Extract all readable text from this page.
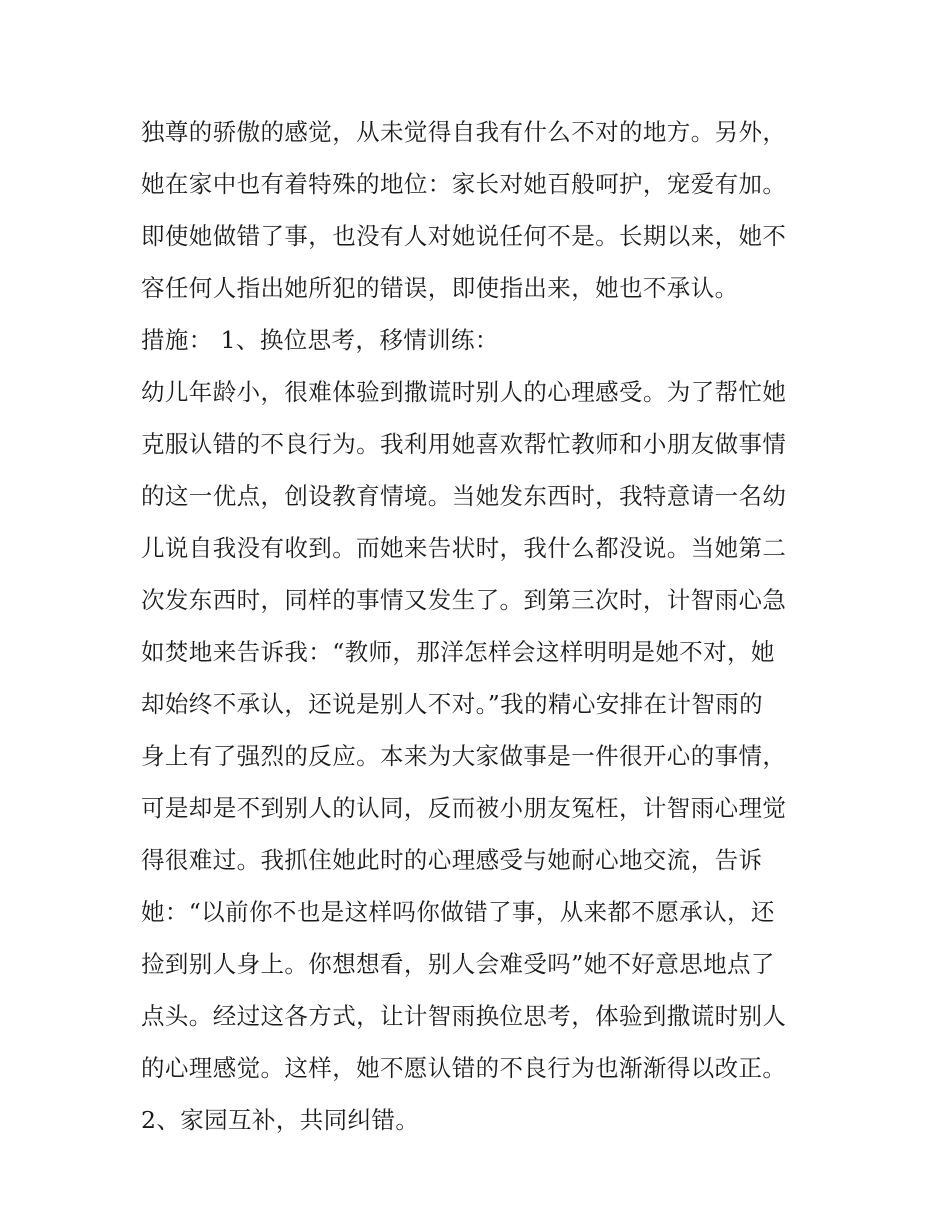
独尊的骄傲的感觉，从未觉得自我有什么不对的地方。另外，
她在家中也有着特殊的地位：家长对她百般呵护，宠爱有加。
即使她做错了事，也没有人对她说任何不是。长期以来，她不
容任何人指出她所犯的错误，即使指出来，她也不承认。
措施： 1、换位思考，移情训练：
幼儿年龄小，很难体验到撒谎时别人的心理感受。为了帮忙她
克服认错的不良行为。我利用她喜欢帮忙教师和小朋友做事情
的这一优点，创设教育情境。当她发东西时，我特意请一名幼
儿说自我没有收到。而她来告状时，我什么都没说。当她第二
次发东西时，同样的事情又发生了。到第三次时，计智雨心急
如焚地来告诉我：“教师，那洋怎样会这样明明是她不对，她
却始终不承认，还说是别人不对。”我的精心安排在计智雨的
身上有了强烈的反应。本来为大家做事是一件很开心的事情，
可是却是不到别人的认同，反而被小朋友冤枉，计智雨心理觉
得很难过。我抓住她此时的心理感受与她耐心地交流，告诉
她：“以前你不也是这样吗你做错了事，从来都不愿承认，还
捡到别人身上。你想想看，别人会难受吗”她不好意思地点了
点头。经过这各方式，让计智雨换位思考，体验到撒谎时别人
的心理感觉。这样，她不愿认错的不良行为也渐渐得以改正。
2、家园互补，共同纠错。
